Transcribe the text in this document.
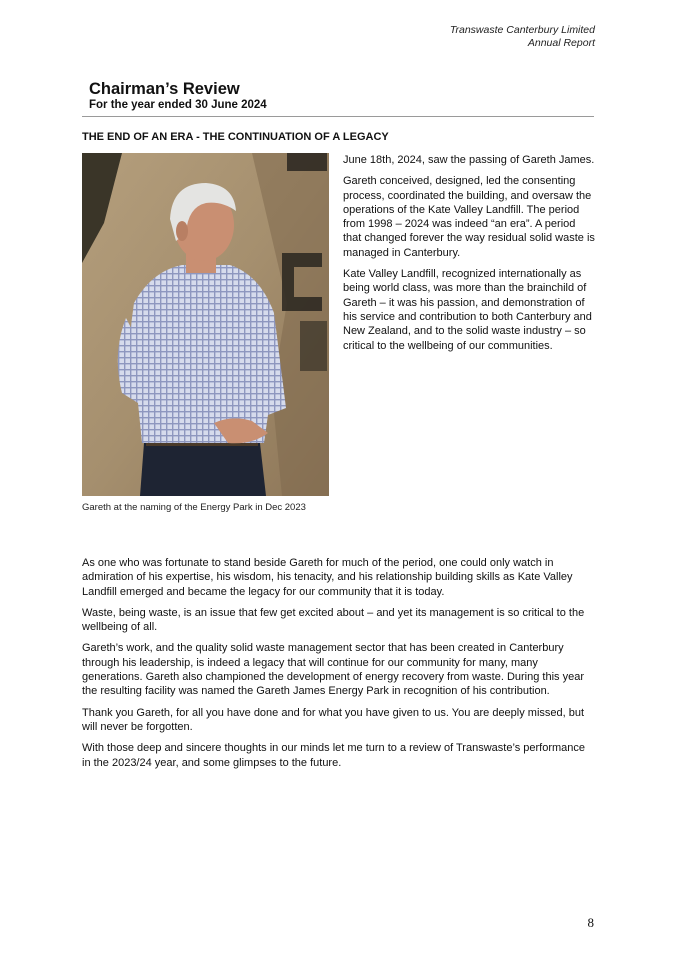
Transwaste Canterbury Limited
Annual Report
Chairman’s Review
For the year ended 30 June 2024
THE END OF AN ERA - THE CONTINUATION OF A LEGACY
Gareth at the naming of the Energy Park in Dec 2023

June 18th, 2024, saw the passing of Gareth James.

Gareth conceived, designed, led the consenting process, coordinated the building, and oversaw the operations of the Kate Valley Landfill. The period from 1998 – 2024 was indeed “an era”. A period that changed forever the way residual solid waste is managed in Canterbury.

Kate Valley Landfill, recognized internationally as being world class, was more than the brainchild of Gareth – it was his passion, and demonstration of his service and contribution to both Canterbury and New Zealand, and to the solid waste industry – so critical to the wellbeing of our communities.

As one who was fortunate to stand beside Gareth for much of the period, one could only watch in admiration of his expertise, his wisdom, his tenacity, and his relationship building skills as Kate Valley Landfill emerged and became the legacy for our community that it is today.

Waste, being waste, is an issue that few get excited about – and yet its management is so critical to the wellbeing of all.

Gareth’s work, and the quality solid waste management sector that has been created in Canterbury through his leadership, is indeed a legacy that will continue for our community for many, many generations. Gareth also championed the development of energy recovery from waste. During this year the resulting facility was named the Gareth James Energy Park in recognition of his contribution.

Thank you Gareth, for all you have done and for what you have given to us. You are deeply missed, but will never be forgotten.

With those deep and sincere thoughts in our minds let me turn to a review of Transwaste’s performance in the 2023/24 year, and some glimpses to the future.

8
